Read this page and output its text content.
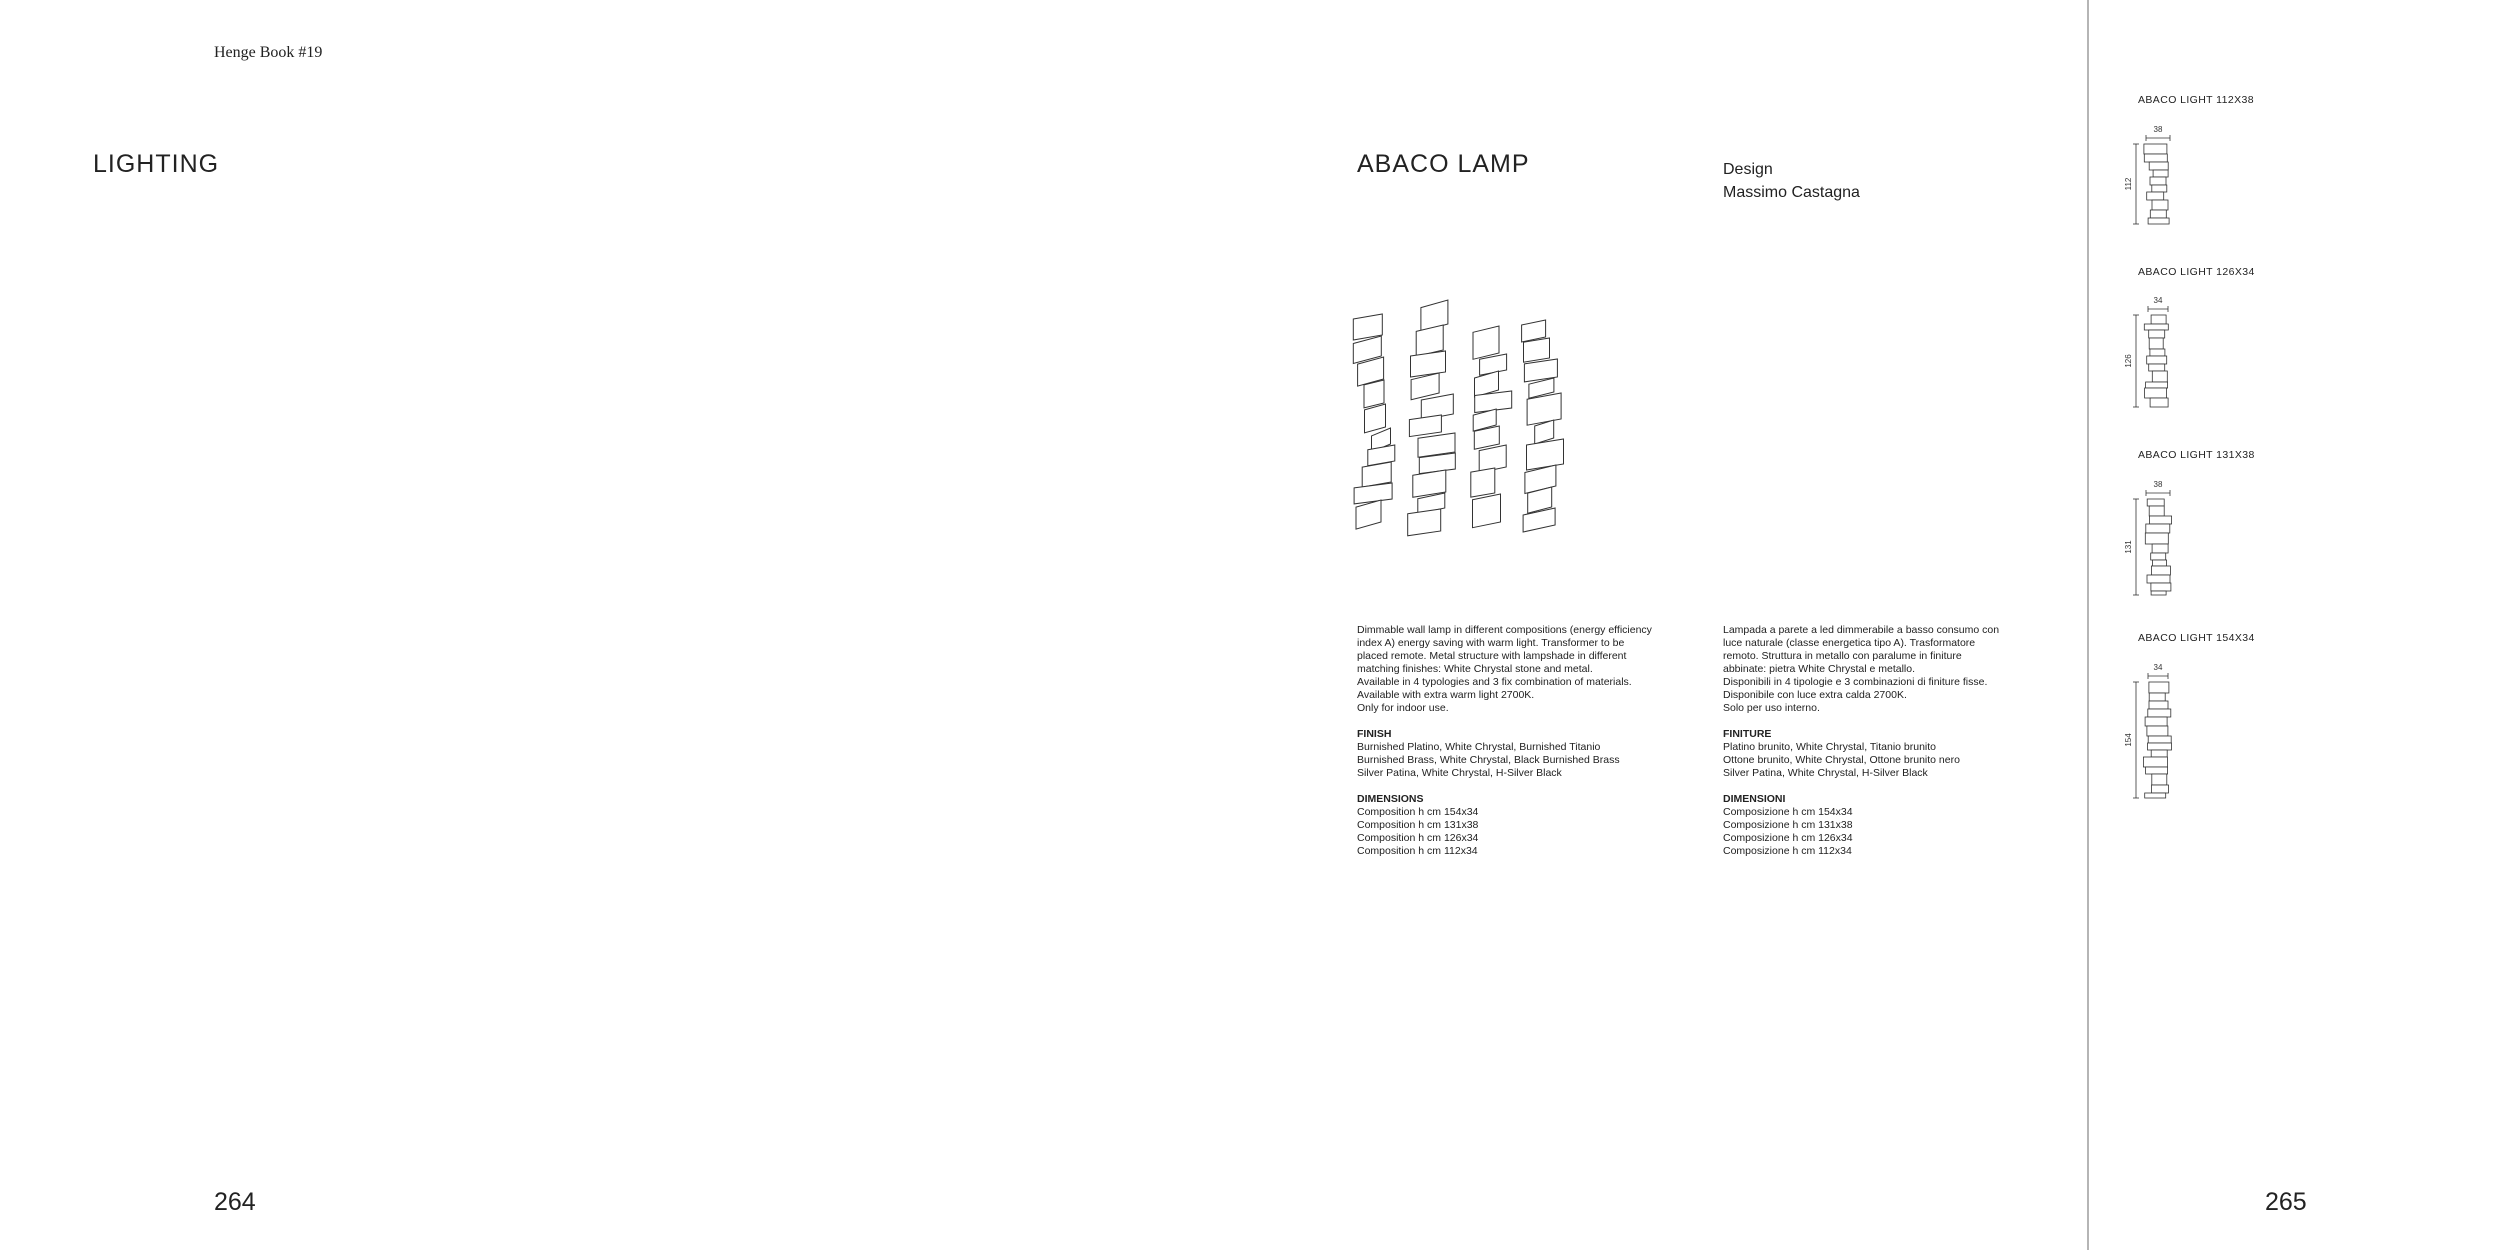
Henge Book #19
LIGHTING
264
ABACO LAMP	Design
Massimo Castagna

Dimmable wall lamp in different compositions (energy efficiency

index A) energy saving with warm light. Transformer to be

placed remote. Metal structure with lampshade in different

matching finishes: White Chrystal stone and metal.

Available in 4 typologies and 3 fix combination of materials.

Available with extra warm light 2700K.

Only for indoor use.

FINISH

Burnished Platino, White Chrystal, Burnished Titanio

Burnished Brass, White Chrystal, Black Burnished Brass

Silver Patina, White Chrystal, H-Silver Black

DIMENSIONS

Composition h cm 154x34

Composition h cm 131x38

Composition h cm 126x34

Composition h cm 112x34

Lampada a parete a led dimmerabile a basso consumo con

luce naturale (classe energetica tipo A). Trasformatore

remoto. Struttura in metallo con paralume in finiture

abbinate: pietra White Chrystal e metallo.

Disponibili in 4 tipologie e 3 combinazioni di finiture fisse.

Disponibile con luce extra calda 2700K.

Solo per uso interno.

FINITURE

Platino brunito, White Chrystal, Titanio brunito

Ottone brunito, White Chrystal, Ottone brunito nero

Silver Patina, White Chrystal, H-Silver Black

DIMENSIONI

Composizione h cm 154x34

Composizione h cm 131x38

Composizione h cm 126x34

Composizione h cm 112x34

ABACO LIGHT 112X38
38
112
ABACO LIGHT 126X34
34
126
ABACO LIGHT 131X38
38
131
ABACO LIGHT 154X34
34
154
265
